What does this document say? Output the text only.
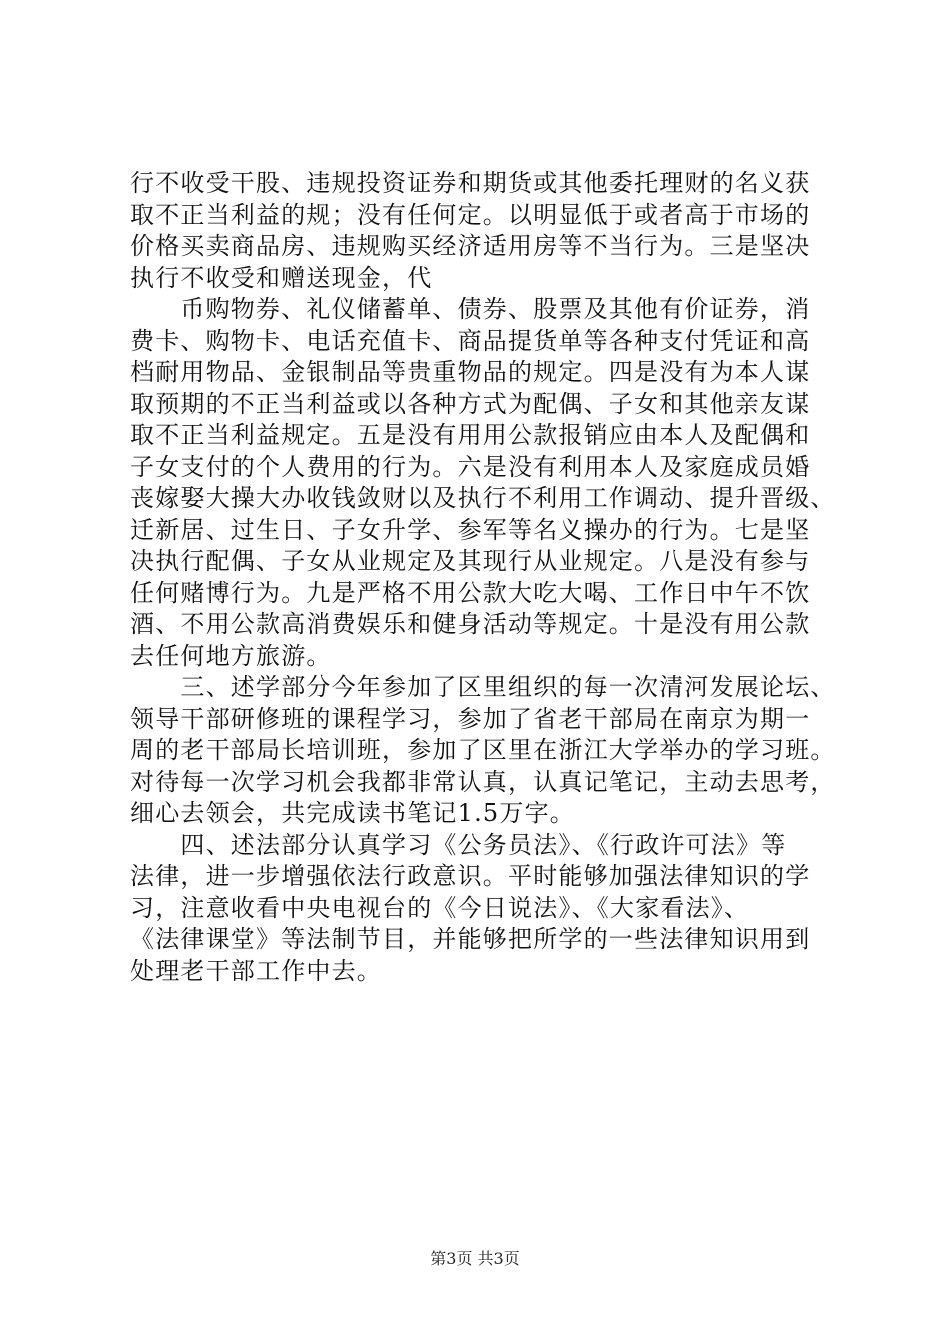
行不收受干股、违规投资证券和期货或其他委托理财的名义获
取不正当利益的规；没有任何定。以明显低于或者高于市场的
价格买卖商品房、违规购买经济适用房等不当行为。三是坚决
执行不收受和赠送现金，代
　　币购物券、礼仪储蓄单、债券、股票及其他有价证券，消
费卡、购物卡、电话充值卡、商品提货单等各种支付凭证和高
档耐用物品、金银制品等贵重物品的规定。四是没有为本人谋
取预期的不正当利益或以各种方式为配偶、子女和其他亲友谋
取不正当利益规定。五是没有用用公款报销应由本人及配偶和
子女支付的个人费用的行为。六是没有利用本人及家庭成员婚
丧嫁娶大操大办收钱敛财以及执行不利用工作调动、提升晋级、
迁新居、过生日、子女升学、参军等名义操办的行为。七是坚
决执行配偶、子女从业规定及其现行从业规定。八是没有参与
任何赌博行为。九是严格不用公款大吃大喝、工作日中午不饮
酒、不用公款高消费娱乐和健身活动等规定。十是没有用公款
去任何地方旅游。
　　三、述学部分今年参加了区里组织的每一次清河发展论坛、
领导干部研修班的课程学习，参加了省老干部局在南京为期一
周的老干部局长培训班，参加了区里在浙江大学举办的学习班。
对待每一次学习机会我都非常认真，认真记笔记，主动去思考，
细心去领会，共完成读书笔记1.5万字。
　　四、述法部分认真学习《公务员法》、《行政许可法》等
法律，进一步增强依法行政意识。平时能够加强法律知识的学
习，注意收看中央电视台的《今日说法》、《大家看法》、
《法律课堂》等法制节目，并能够把所学的一些法律知识用到
处理老干部工作中去。
第3页 共3页
